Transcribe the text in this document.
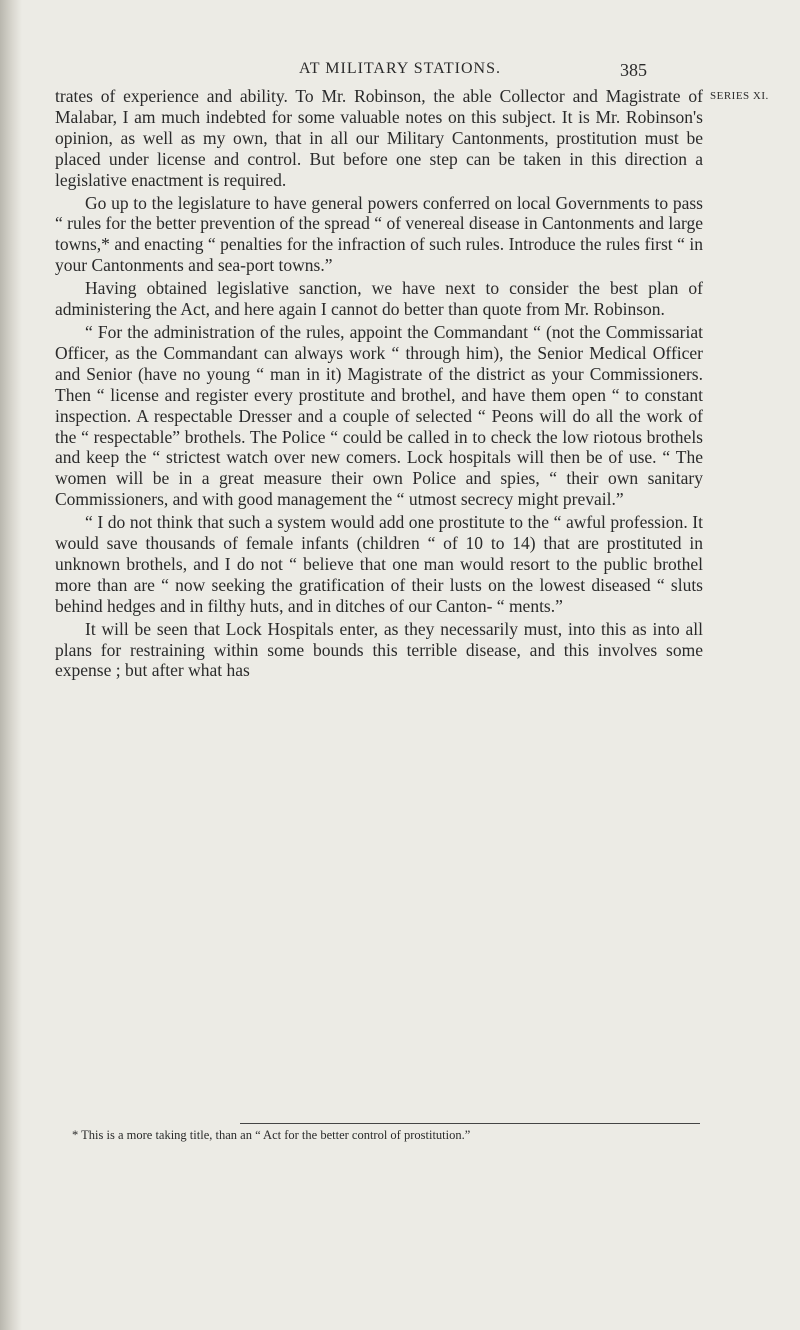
AT MILITARY STATIONS.	385
SERIES XI.

trates of experience and ability. To Mr. Robinson, the able Collector and Magistrate of Malabar, I am much indebted for some valuable notes on this subject. It is Mr. Robinson's opinion, as well as my own, that in all our Military Cantonments, prostitution must be placed under license and control. But before one step can be taken in this direction a legislative enactment is required.

Go up to the legislature to have general powers conferred on local Governments to pass “ rules for the better prevention of the spread “ of venereal disease in Cantonments and large towns,* and enacting “ penalties for the infraction of such rules. Introduce the rules first “ in your Cantonments and sea-port towns.”

Having obtained legislative sanction, we have next to consider the best plan of administering the Act, and here again I cannot do better than quote from Mr. Robinson.

“ For the administration of the rules, appoint the Commandant “ (not the Commissariat Officer, as the Commandant can always work “ through him), the Senior Medical Officer and Senior (have no young “ man in it) Magistrate of the district as your Commissioners. Then “ license and register every prostitute and brothel, and have them open “ to constant inspection. A respectable Dresser and a couple of selected “ Peons will do all the work of the “ respectable” brothels. The Police “ could be called in to check the low riotous brothels and keep the “ strictest watch over new comers. Lock hospitals will then be of use. “ The women will be in a great measure their own Police and spies, “ their own sanitary Commissioners, and with good management the “ utmost secrecy might prevail.”

“ I do not think that such a system would add one prostitute to the “ awful profession. It would save thousands of female infants (children “ of 10 to 14) that are prostituted in unknown brothels, and I do not “ believe that one man would resort to the public brothel more than are “ now seeking the gratification of their lusts on the lowest diseased “ sluts behind hedges and in filthy huts, and in ditches of our Canton- “ ments.”

It will be seen that Lock Hospitals enter, as they necessarily must, into this as into all plans for restraining within some bounds this terrible disease, and this involves some expense ; but after what has

* This is a more taking title, than an “ Act for the better control of prostitution.”
